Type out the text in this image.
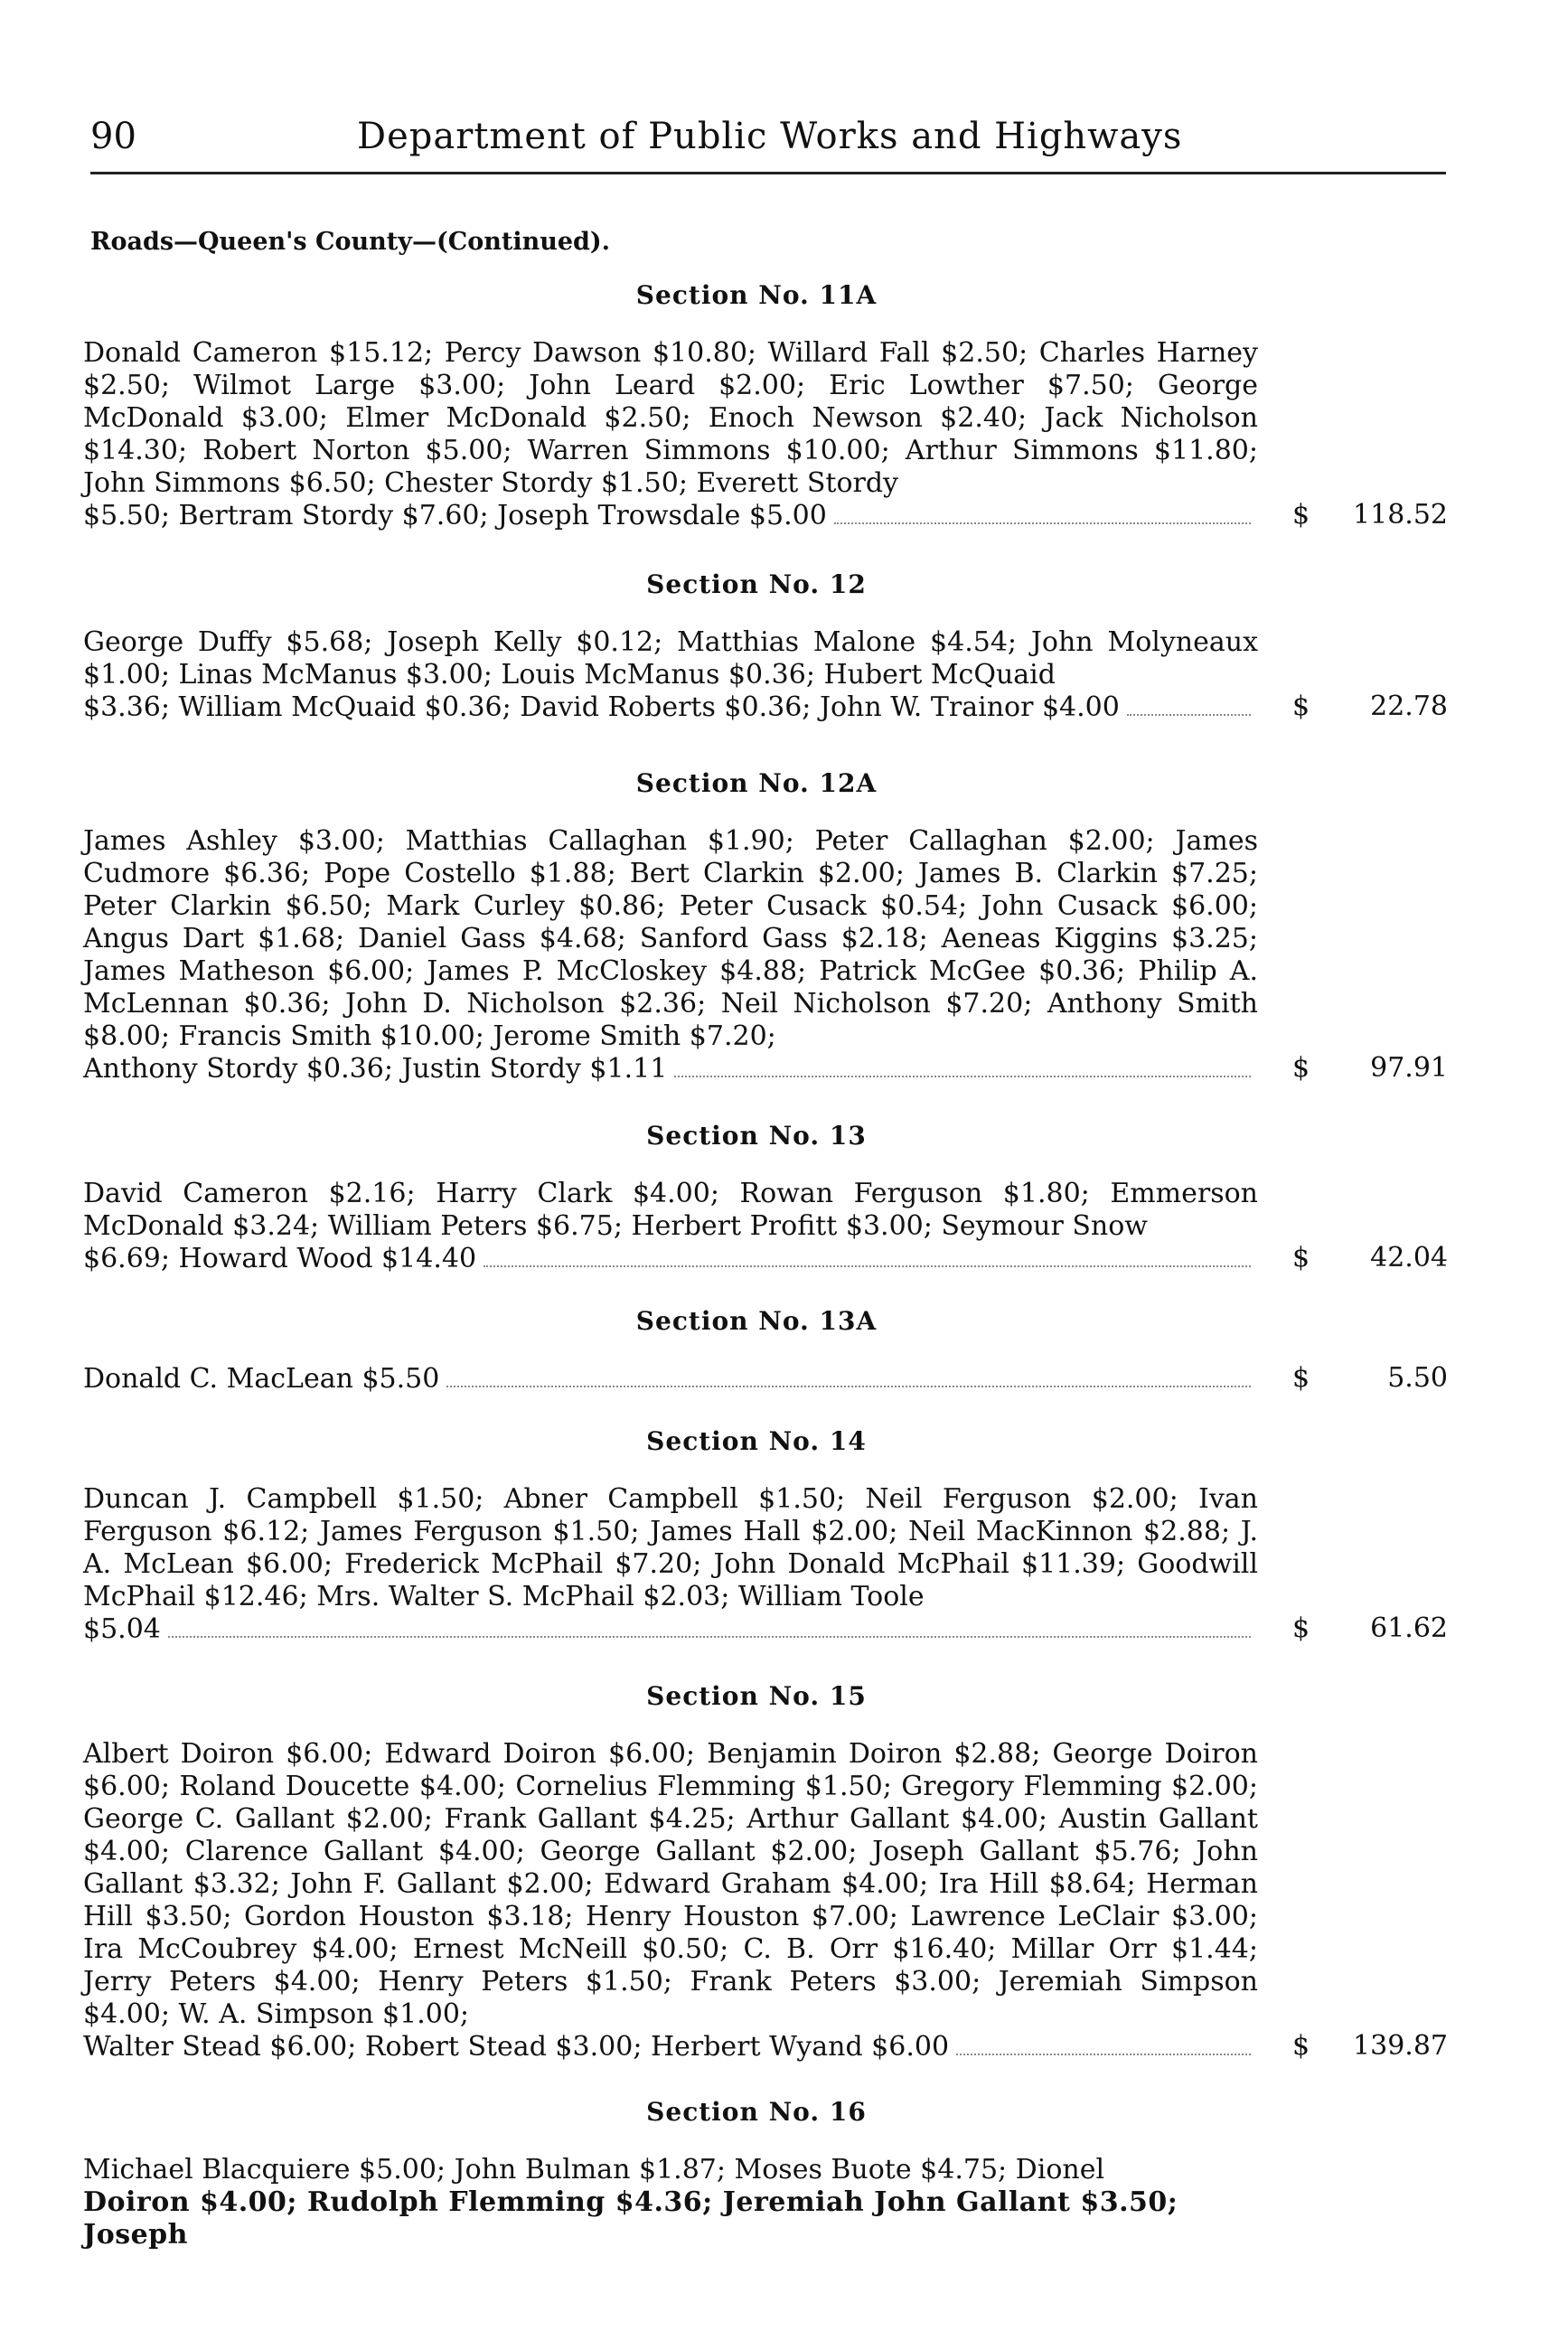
90	Department of Public Works and Highways
Roads—Queen's County—(Continued).
Section No. 11A
Donald Cameron $15.12; Percy Dawson $10.80; Willard Fall $2.50; Charles Harney $2.50; Wilmot Large $3.00; John Leard $2.00; Eric Lowther $7.50; George McDonald $3.00; Elmer McDonald $2.50; Enoch Newson $2.40; Jack Nicholson $14.30; Robert Norton $5.00; Warren Simmons $10.00; Arthur Simmons $11.80; John Simmons $6.50; Chester Stordy $1.50; Everett Stordy
$5.50; Bertram Stordy $7.60; Joseph Trowsdale $5.00	$	118.52
Section No. 12
George Duffy $5.68; Joseph Kelly $0.12; Matthias Malone $4.54; John Molyneaux $1.00; Linas McManus $3.00; Louis McManus $0.36; Hubert McQuaid
$3.36; William McQuaid $0.36; David Roberts $0.36; John W. Trainor $4.00	$	22.78
Section No. 12A
James Ashley $3.00; Matthias Callaghan $1.90; Peter Callaghan $2.00; James Cudmore $6.36; Pope Costello $1.88; Bert Clarkin $2.00; James B. Clarkin $7.25; Peter Clarkin $6.50; Mark Curley $0.86; Peter Cusack $0.54; John Cusack $6.00; Angus Dart $1.68; Daniel Gass $4.68; Sanford Gass $2.18; Aeneas Kiggins $3.25; James Matheson $6.00; James P. McCloskey $4.88; Patrick McGee $0.36; Philip A. McLennan $0.36; John D. Nicholson $2.36; Neil Nicholson $7.20; Anthony Smith $8.00; Francis Smith $10.00; Jerome Smith $7.20;
Anthony Stordy $0.36; Justin Stordy $1.11	$	97.91
Section No. 13
David Cameron $2.16; Harry Clark $4.00; Rowan Ferguson $1.80; Emmerson McDonald $3.24; William Peters $6.75; Herbert Profitt $3.00; Seymour Snow
$6.69; Howard Wood $14.40	$	42.04
Section No. 13A
Donald C. MacLean $5.50	$	5.50
Section No. 14
Duncan J. Campbell $1.50; Abner Campbell $1.50; Neil Ferguson $2.00; Ivan Ferguson $6.12; James Ferguson $1.50; James Hall $2.00; Neil MacKinnon $2.88; J. A. McLean $6.00; Frederick McPhail $7.20; John Donald McPhail $11.39; Goodwill McPhail $12.46; Mrs. Walter S. McPhail $2.03; William Toole
$5.04	$	61.62
Section No. 15
Albert Doiron $6.00; Edward Doiron $6.00; Benjamin Doiron $2.88; George Doiron $6.00; Roland Doucette $4.00; Cornelius Flemming $1.50; Gregory Flemming $2.00; George C. Gallant $2.00; Frank Gallant $4.25; Arthur Gallant $4.00; Austin Gallant $4.00; Clarence Gallant $4.00; George Gallant $2.00; Joseph Gallant $5.76; John Gallant $3.32; John F. Gallant $2.00; Edward Graham $4.00; Ira Hill $8.64; Herman Hill $3.50; Gordon Houston $3.18; Henry Houston $7.00; Lawrence LeClair $3.00; Ira McCoubrey $4.00; Ernest McNeill $0.50; C. B. Orr $16.40; Millar Orr $1.44; Jerry Peters $4.00; Henry Peters $1.50; Frank Peters $3.00; Jeremiah Simpson $4.00; W. A. Simpson $1.00;
Walter Stead $6.00; Robert Stead $3.00; Herbert Wyand $6.00	$	139.87
Section No. 16
Michael Blacquiere $5.00; John Bulman $1.87; Moses Buote $4.75; Dionel
Doiron $4.00; Rudolph Flemming $4.36; Jeremiah John Gallant $3.50; Joseph
